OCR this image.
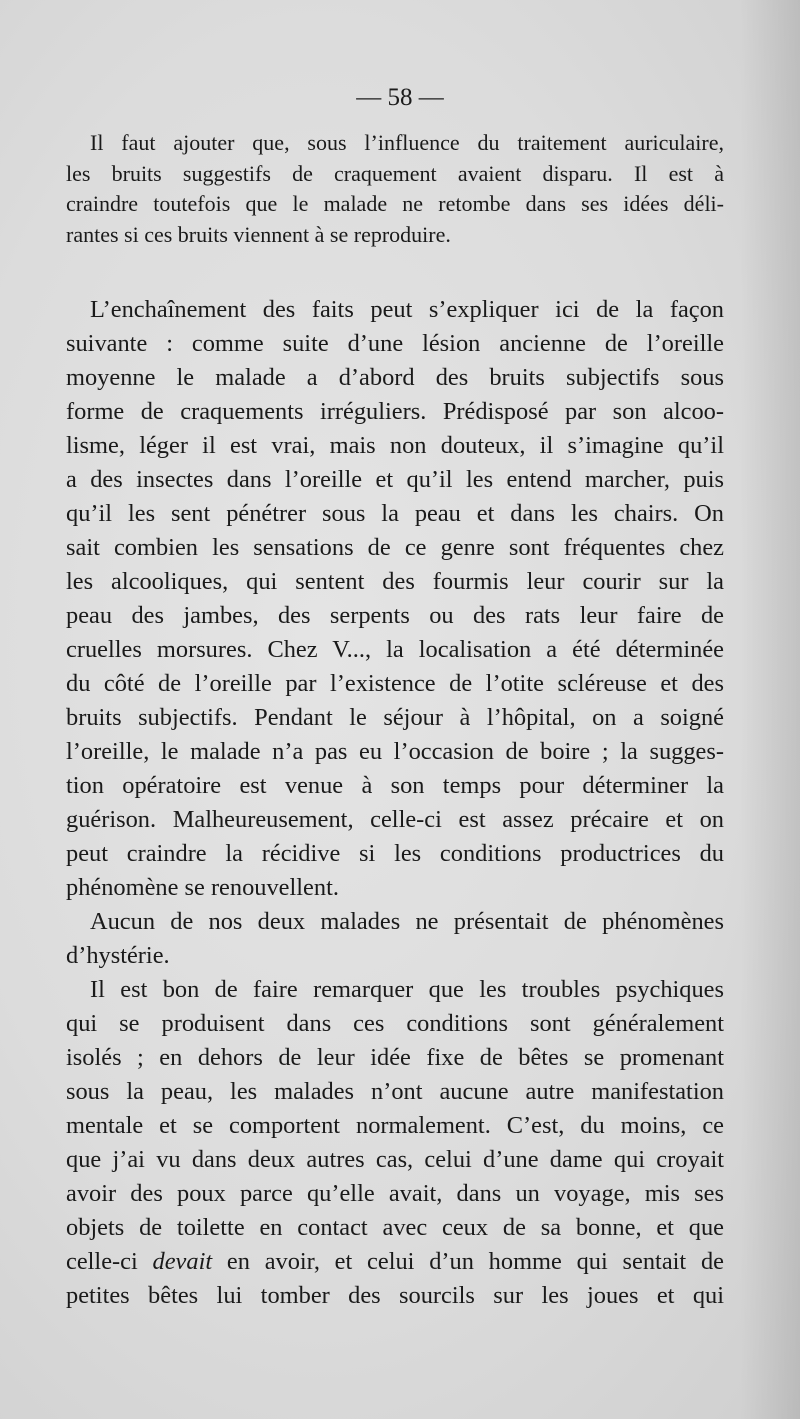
— 58 —
Il faut ajouter que, sous l’influence du traitement auriculaire,
les bruits suggestifs de craquement avaient disparu. Il est à
craindre toutefois que le malade ne retombe dans ses idées déli-
rantes si ces bruits viennent à se reproduire.
L’enchaînement des faits peut s’expliquer ici de la façon
suivante : comme suite d’une lésion ancienne de l’oreille
moyenne le malade a d’abord des bruits subjectifs sous
forme de craquements irréguliers. Prédisposé par son alcoo-
lisme, léger il est vrai, mais non douteux, il s’imagine qu’il
a des insectes dans l’oreille et qu’il les entend marcher, puis
qu’il les sent pénétrer sous la peau et dans les chairs. On
sait combien les sensations de ce genre sont fréquentes chez
les alcooliques, qui sentent des fourmis leur courir sur la
peau des jambes, des serpents ou des rats leur faire de
cruelles morsures. Chez V..., la localisation a été déterminée
du côté de l’oreille par l’existence de l’otite scléreuse et des
bruits subjectifs. Pendant le séjour à l’hôpital, on a soigné
l’oreille, le malade n’a pas eu l’occasion de boire ; la sugges-
tion opératoire est venue à son temps pour déterminer la
guérison. Malheureusement, celle-ci est assez précaire et on
peut craindre la récidive si les conditions productrices du
phénomène se renouvellent.
Aucun de nos deux malades ne présentait de phénomènes
d’hystérie.
Il est bon de faire remarquer que les troubles psychiques
qui se produisent dans ces conditions sont généralement
isolés ; en dehors de leur idée fixe de bêtes se promenant
sous la peau, les malades n’ont aucune autre manifestation
mentale et se comportent normalement. C’est, du moins, ce
que j’ai vu dans deux autres cas, celui d’une dame qui croyait
avoir des poux parce qu’elle avait, dans un voyage, mis ses
objets de toilette en contact avec ceux de sa bonne, et que
celle-ci devait en avoir, et celui d’un homme qui sentait de
petites bêtes lui tomber des sourcils sur les joues et qui
